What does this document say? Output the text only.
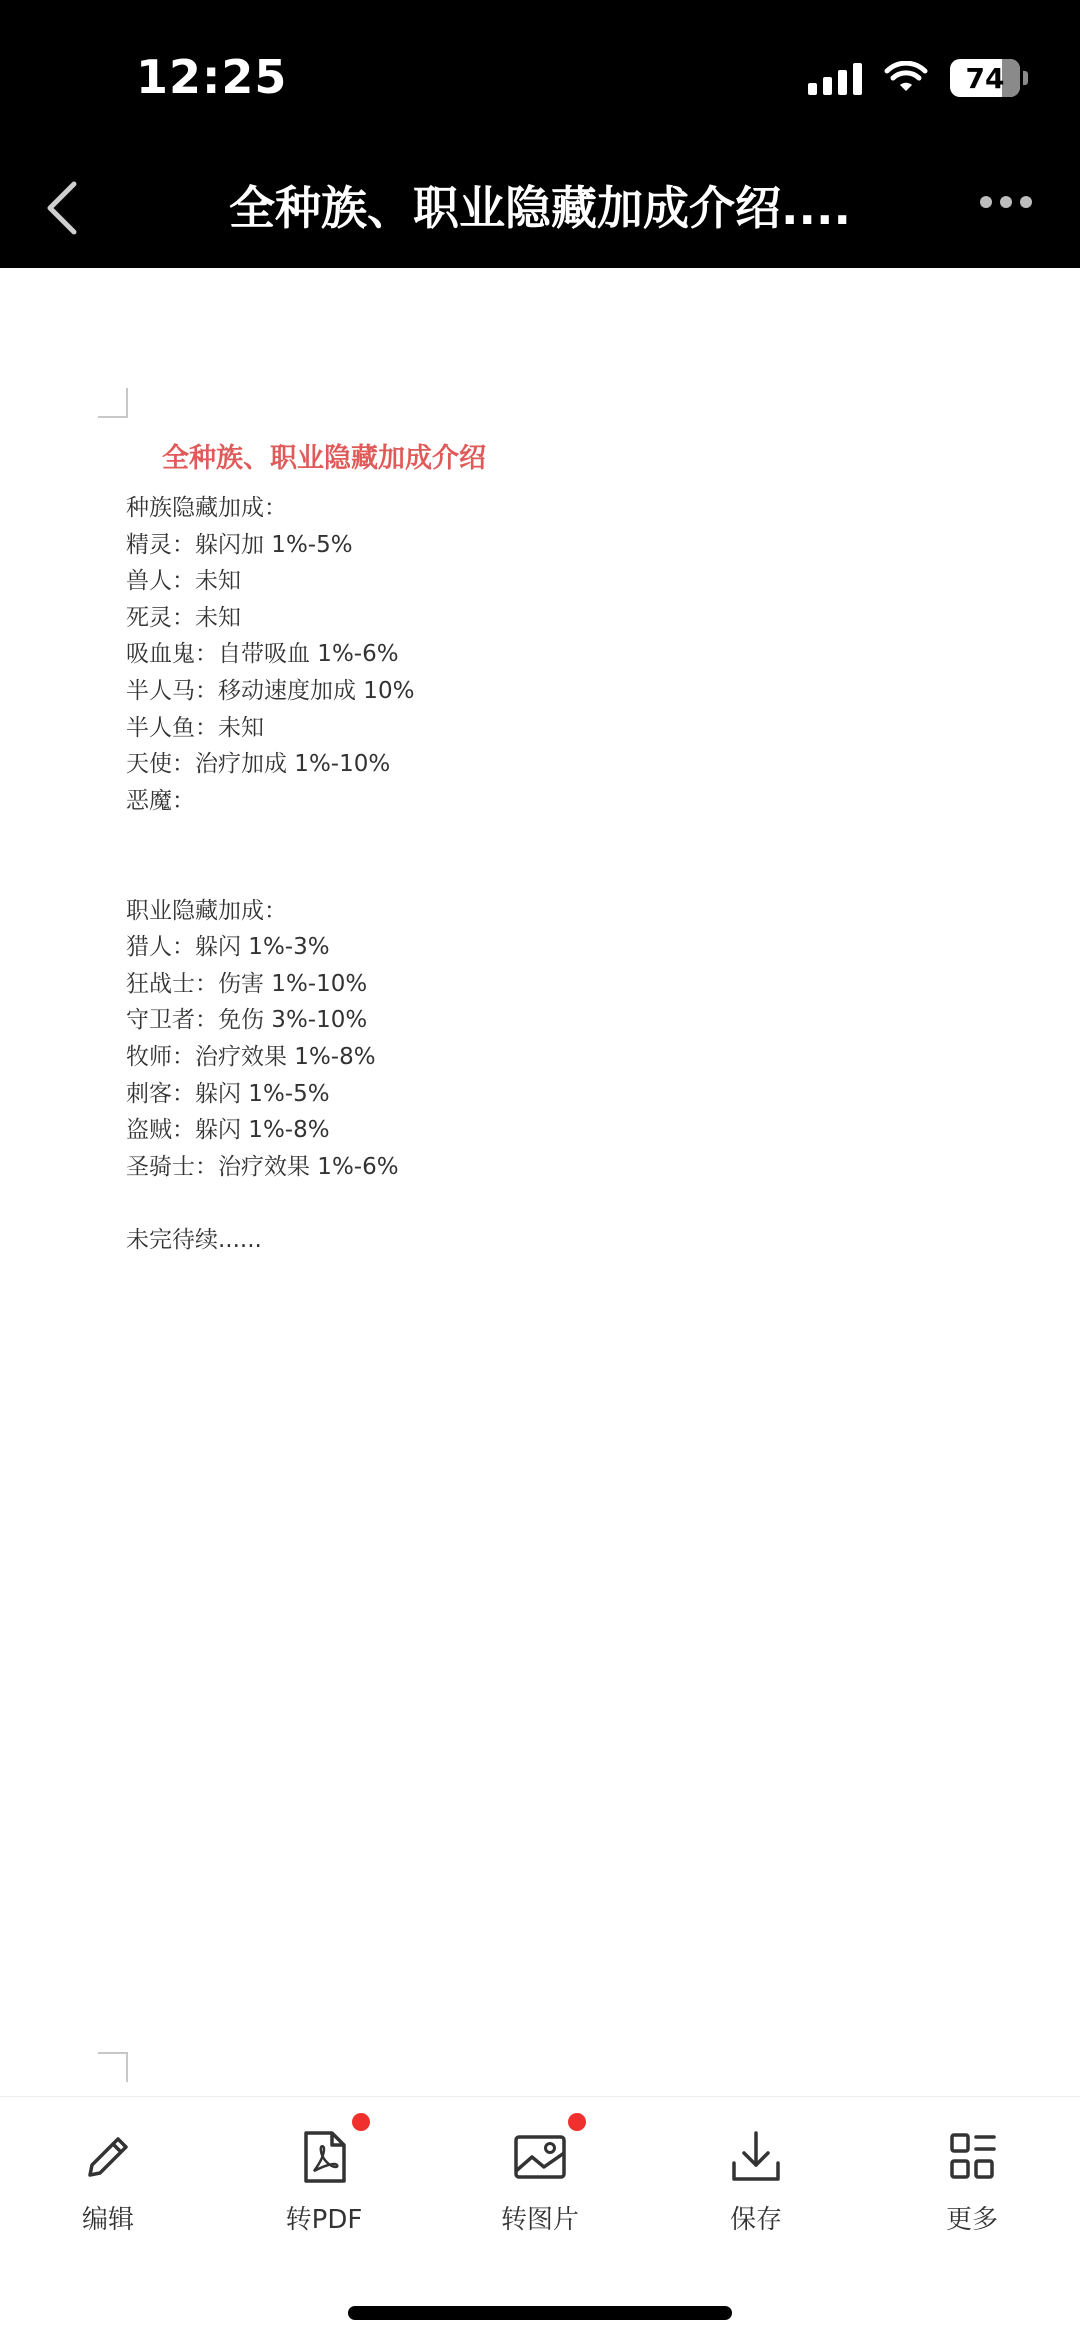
12:25	74
全种族、职业隐藏加成介绍....
全种族、职业隐藏加成介绍
种族隐藏加成：
精灵：躲闪加 1%-5%
兽人：未知
死灵：未知
吸血鬼：自带吸血 1%-6%
半人马：移动速度加成 10%
半人鱼：未知
天使：治疗加成 1%-10%
恶魔：
职业隐藏加成：
猎人：躲闪 1%-3%
狂战士：伤害 1%-10%
守卫者：免伤 3%-10%
牧师：治疗效果 1%-8%
刺客：躲闪 1%-5%
盗贼：躲闪 1%-8%
圣骑士：治疗效果 1%-6%
未完待续......
编辑	转PDF	转图片	保存	更多
